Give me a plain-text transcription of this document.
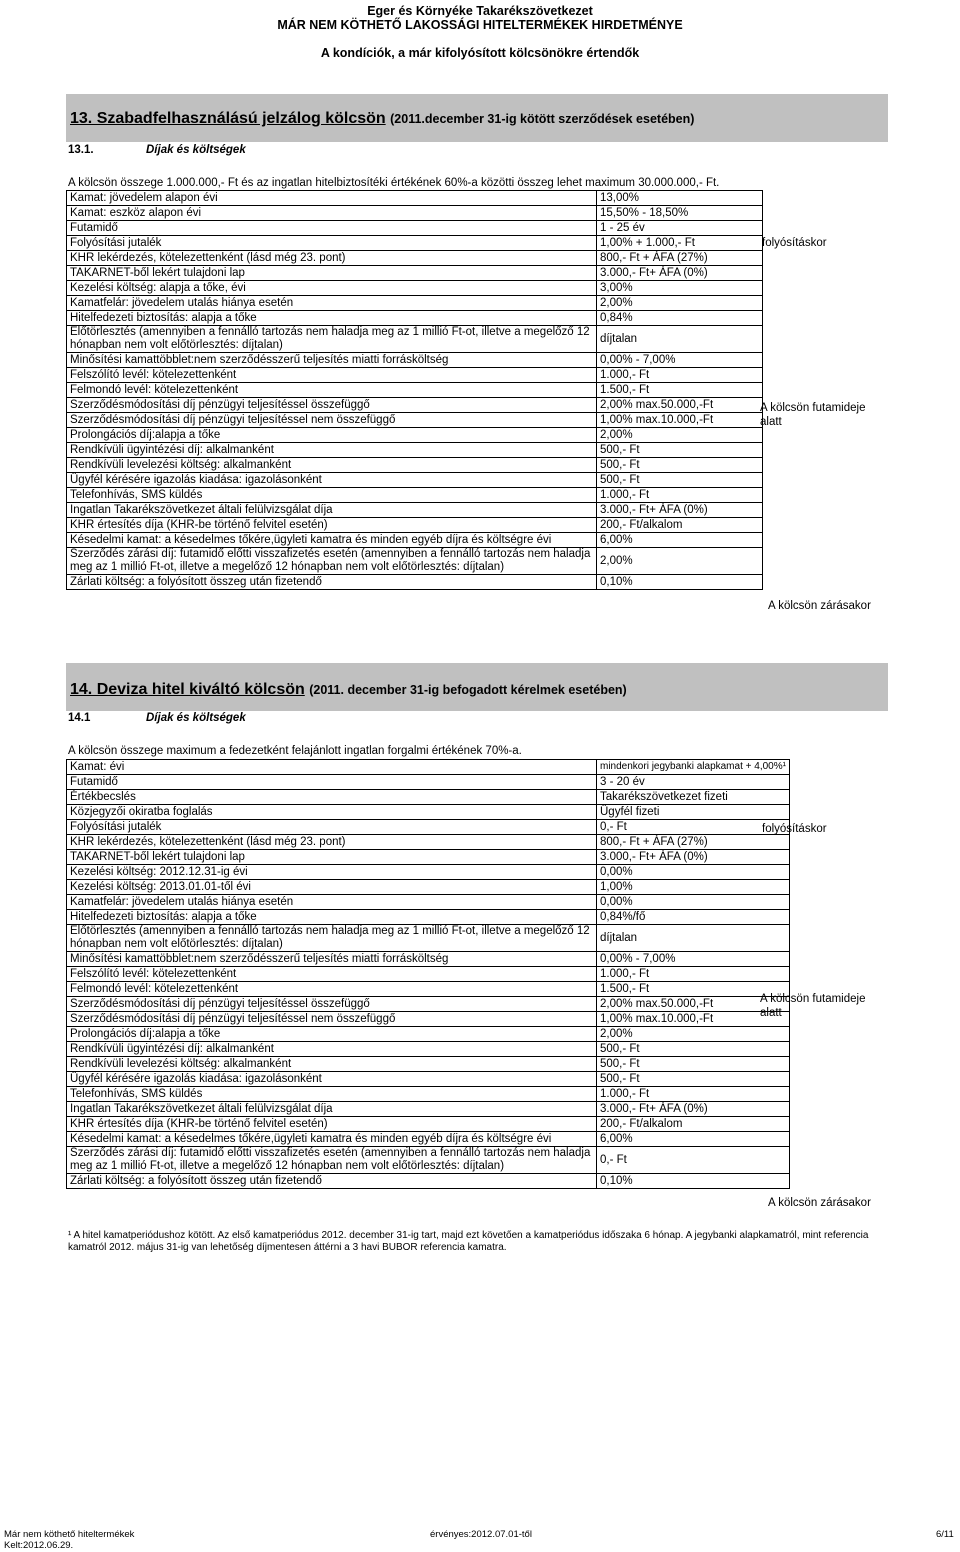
Eger és Környéke Takarékszövetkezet
MÁR NEM KÖTHETŐ LAKOSSÁGI HITELTERMÉKEK HIRDETMÉNYE
A kondíciók, a már kifolyósított kölcsönökre értendők
13. Szabadfelhasználású jelzálog kölcsön (2011.december 31-ig kötött szerződések esetében)
13.1.	Díjak és költségek
A kölcsön összege 1.000.000,- Ft és az ingatlan hitelbiztosítéki értékének 60%-a közötti összeg lehet maximum 30.000.000,- Ft.
Kamat: jövedelem alapon évi	13,00%
Kamat: eszköz alapon évi	15,50% - 18,50%
Futamidő	1 - 25 év
Folyósítási jutalék	1,00% + 1.000,- Ft
KHR lekérdezés, kötelezettenként (lásd még 23. pont)	800,- Ft + ÁFA (27%)
TAKARNET-ből lekért tulajdoni lap	3.000,- Ft+ ÁFA (0%)
Kezelési költség: alapja a tőke, évi	3,00%
Kamatfelár: jövedelem utalás hiánya esetén	2,00%
Hitelfedezeti biztosítás: alapja a tőke	0,84%
Előtörlesztés (amennyiben a fennálló tartozás nem haladja meg az 1 millió Ft-ot, illetve a megelőző 12 hónapban nem volt előtörlesztés: díjtalan)	díjtalan
Minősítési kamattöbblet:nem szerződésszerű teljesítés miatti forrásköltség	0,00% - 7,00%
Felszólító levél: kötelezettenként	1.000,- Ft
Felmondó levél: kötelezettenként	1.500,- Ft
Szerződésmódosítási díj pénzügyi teljesítéssel összefüggő	2,00% max.50.000,-Ft
Szerződésmódosítási díj pénzügyi teljesítéssel nem összefüggő	1,00% max.10.000,-Ft
Prolongációs díj:alapja a tőke	2,00%
Rendkívüli ügyintézési díj: alkalmanként	500,- Ft
Rendkívüli levelezési költség: alkalmanként	500,- Ft
Ügyfél kérésére igazolás kiadása: igazolásonként	500,- Ft
Telefonhívás, SMS küldés	1.000,- Ft
Ingatlan Takarékszövetkezet általi felülvizsgálat díja	3.000,- Ft+ ÁFA (0%)
KHR értesítés díja (KHR-be történő felvitel esetén)	200,- Ft/alkalom
Késedelmi kamat: a késedelmes tőkére,ügyleti kamatra és minden egyéb díjra és költségre évi	6,00%
Szerződés zárási díj: futamidő előtti visszafizetés esetén (amennyiben a fennálló tartozás nem haladja meg az 1 millió Ft-ot, illetve a megelőző 12 hónapban nem volt előtörlesztés: díjtalan)	2,00%
Zárlati költség: a folyósított összeg után fizetendő	0,10%
folyósításkor
A kölcsön futamideje alatt
A kölcsön zárásakor
14. Deviza hitel kiváltó kölcsön (2011. december 31-ig befogadott kérelmek esetében)
14.1	Díjak és költségek
A kölcsön összege maximum a fedezetként felajánlott ingatlan forgalmi értékének 70%-a.
Kamat: évi	mindenkori jegybanki alapkamat + 4,00%¹
Futamidő	3 - 20 év
Értékbecslés	Takarékszövetkezet fizeti
Közjegyzői okiratba foglalás	Ügyfél fizeti
Folyósítási jutalék	0,- Ft
KHR lekérdezés, kötelezettenként (lásd még 23. pont)	800,- Ft + ÁFA (27%)
TAKARNET-ből lekért tulajdoni lap	3.000,- Ft+ ÁFA (0%)
Kezelési költség: 2012.12.31-ig évi	0,00%
Kezelési költség: 2013.01.01-től évi	1,00%
Kamatfelár: jövedelem utalás hiánya esetén	0,00%
Hitelfedezeti biztosítás: alapja a tőke	0,84%/fő
Előtörlesztés (amennyiben a fennálló tartozás nem haladja meg az 1 millió Ft-ot, illetve a megelőző 12 hónapban nem volt előtörlesztés: díjtalan)	díjtalan
Minősítési kamattöbblet:nem szerződésszerű teljesítés miatti forrásköltség	0,00% - 7,00%
Felszólító levél: kötelezettenként	1.000,- Ft
Felmondó levél: kötelezettenként	1.500,- Ft
Szerződésmódosítási díj pénzügyi teljesítéssel összefüggő	2,00% max.50.000,-Ft
Szerződésmódosítási díj pénzügyi teljesítéssel nem összefüggő	1,00% max.10.000,-Ft
Prolongációs díj:alapja a tőke	2,00%
Rendkívüli ügyintézési díj: alkalmanként	500,- Ft
Rendkívüli levelezési költség: alkalmanként	500,- Ft
Ügyfél kérésére igazolás kiadása: igazolásonként	500,- Ft
Telefonhívás, SMS küldés	1.000,- Ft
Ingatlan Takarékszövetkezet általi felülvizsgálat díja	3.000,- Ft+ ÁFA (0%)
KHR értesítés díja (KHR-be történő felvitel esetén)	200,- Ft/alkalom
Késedelmi kamat: a késedelmes tőkére,ügyleti kamatra és minden egyéb díjra és költségre évi	6,00%
Szerződés zárási díj: futamidő előtti visszafizetés esetén (amennyiben a fennálló tartozás nem haladja meg az 1 millió Ft-ot, illetve a megelőző 12 hónapban nem volt előtörlesztés: díjtalan)	0,- Ft
Zárlati költség: a folyósított összeg után fizetendő	0,10%
folyósításkor
A kölcsön futamideje alatt
A kölcsön zárásakor
¹ A hitel kamatperiódushoz kötött. Az első kamatperiódus 2012. december 31-ig tart, majd ezt követően a kamatperiódus időszaka 6 hónap. A jegybanki alapkamatról, mint referencia kamatról 2012. május 31-ig van lehetőség díjmentesen áttérni a 3 havi BUBOR referencia kamatra.
Már nem köthető hiteltermékek
Kelt:2012.06.29.
érvényes:2012.07.01-től	6/11
